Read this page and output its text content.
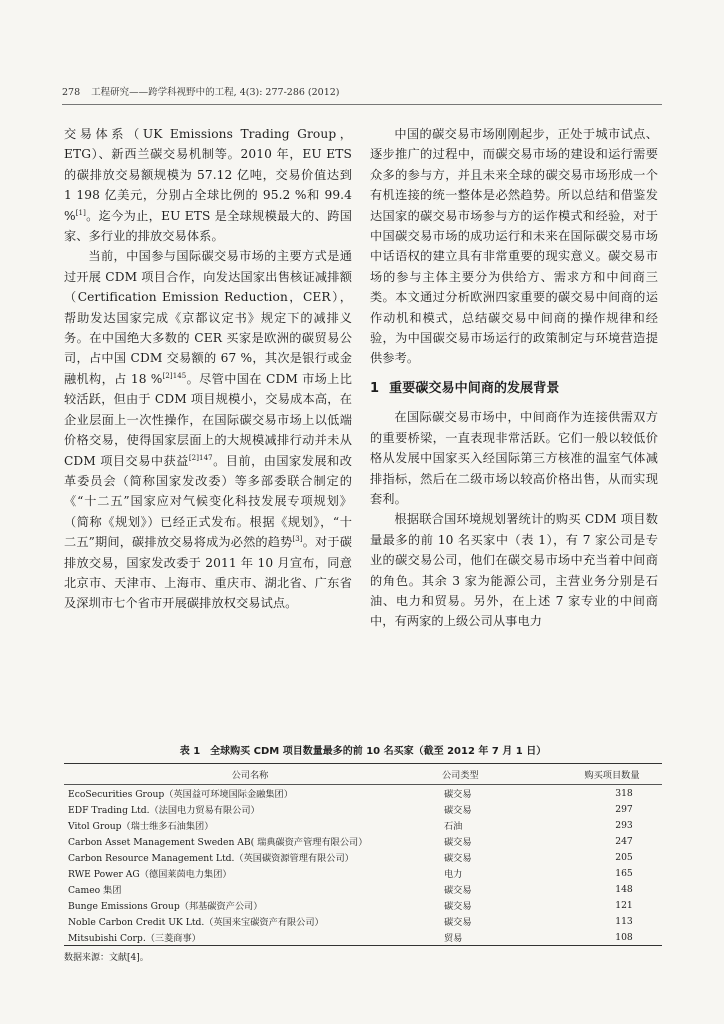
278 工程研究——跨学科视野中的工程, 4(3): 277-286 (2012)

交易体系（UK Emissions Trading Group，ETG）、新西兰碳交易机制等。2010 年，EU ETS 的碳排放交易额规模为 57.12 亿吨，交易价值达到 1 198 亿美元，分别占全球比例的 95.2 %和 99.4 %[1]。迄今为止，EU ETS 是全球规模最大的、跨国家、多行业的排放交易体系。

当前，中国参与国际碳交易市场的主要方式是通过开展 CDM 项目合作，向发达国家出售核证减排额（Certification Emission Reduction，CER），帮助发达国家完成《京都议定书》规定下的减排义务。在中国绝大多数的 CER 买家是欧洲的碳贸易公司，占中国 CDM 交易额的 67 %，其次是银行或金融机构，占 18 %$^{[2]145}$。尽管中国在 CDM 市场上比较活跃，但由于 CDM 项目规模小，交易成本高，在企业层面上一次性操作，在国际碳交易市场上以低端价格交易，使得国家层面上的大规模减排行动并未从 CDM 项目交易中获益$^{[2]147}$。目前，由国家发展和改革委员会（简称国家发改委）等多部委联合制定的《“十二五”国家应对气候变化科技发展专项规划》（简称《规划》）已经正式发布。根据《规划》，“十二五”期间，碳排放交易将成为必然的趋势[3]。对于碳排放交易，国家发改委于 2011 年 10 月宣布，同意北京市、天津市、上海市、重庆市、湖北省、广东省及深圳市七个省市开展碳排放权交易试点。

中国的碳交易市场刚刚起步，正处于城市试点、逐步推广的过程中，而碳交易市场的建设和运行需要众多的参与方，并且未来全球的碳交易市场形成一个有机连接的统一整体是必然趋势。所以总结和借鉴发达国家的碳交易市场参与方的运作模式和经验，对于中国碳交易市场的成功运行和未来在国际碳交易市场中话语权的建立具有非常重要的现实意义。碳交易市场的参与主体主要分为供给方、需求方和中间商三类。本文通过分析欧洲四家重要的碳交易中间商的运作动机和模式，总结碳交易中间商的操作规律和经验，为中国碳交易市场运行的政策制定与环境营造提供参考。

1 重要碳交易中间商的发展背景

在国际碳交易市场中，中间商作为连接供需双方的重要桥梁，一直表现非常活跃。它们一般以较低价格从发展中国家买入经国际第三方核准的温室气体减排指标，然后在二级市场以较高价格出售，从而实现套利。

根据联合国环境规划署统计的购买 CDM 项目数量最多的前 10 名买家中（表 1），有 7 家公司是专业的碳交易公司，他们在碳交易市场中充当着中间商的角色。其余 3 家为能源公司，主营业务分别是石油、电力和贸易。另外，在上述 7 家专业的中间商中，有两家的上级公司从事电力

表 1　全球购买 CDM 项目数量最多的前 10 名买家（截至 2012 年 7 月 1 日）
公司名称	公司类型	购买项目数量
EcoSecurities Group（英国益可环境国际金融集团）	碳交易	318
EDF Trading Ltd.（法国电力贸易有限公司）	碳交易	297
Vitol Group（瑞士维多石油集团）	石油	293
Carbon Asset Management Sweden AB( 瑞典碳资产管理有限公司）	碳交易	247
Carbon Resource Management Ltd.（英国碳资源管理有限公司）	碳交易	205
RWE Power AG（德国莱茵电力集团）	电力	165
Cameo 集团	碳交易	148
Bunge Emissions Group（邦基碳资产公司）	碳交易	121
Noble Carbon Credit UK Ltd.（英国来宝碳资产有限公司）	碳交易	113
Mitsubishi Corp.（三菱商事）	贸易	108
数据来源：文献[4]。
